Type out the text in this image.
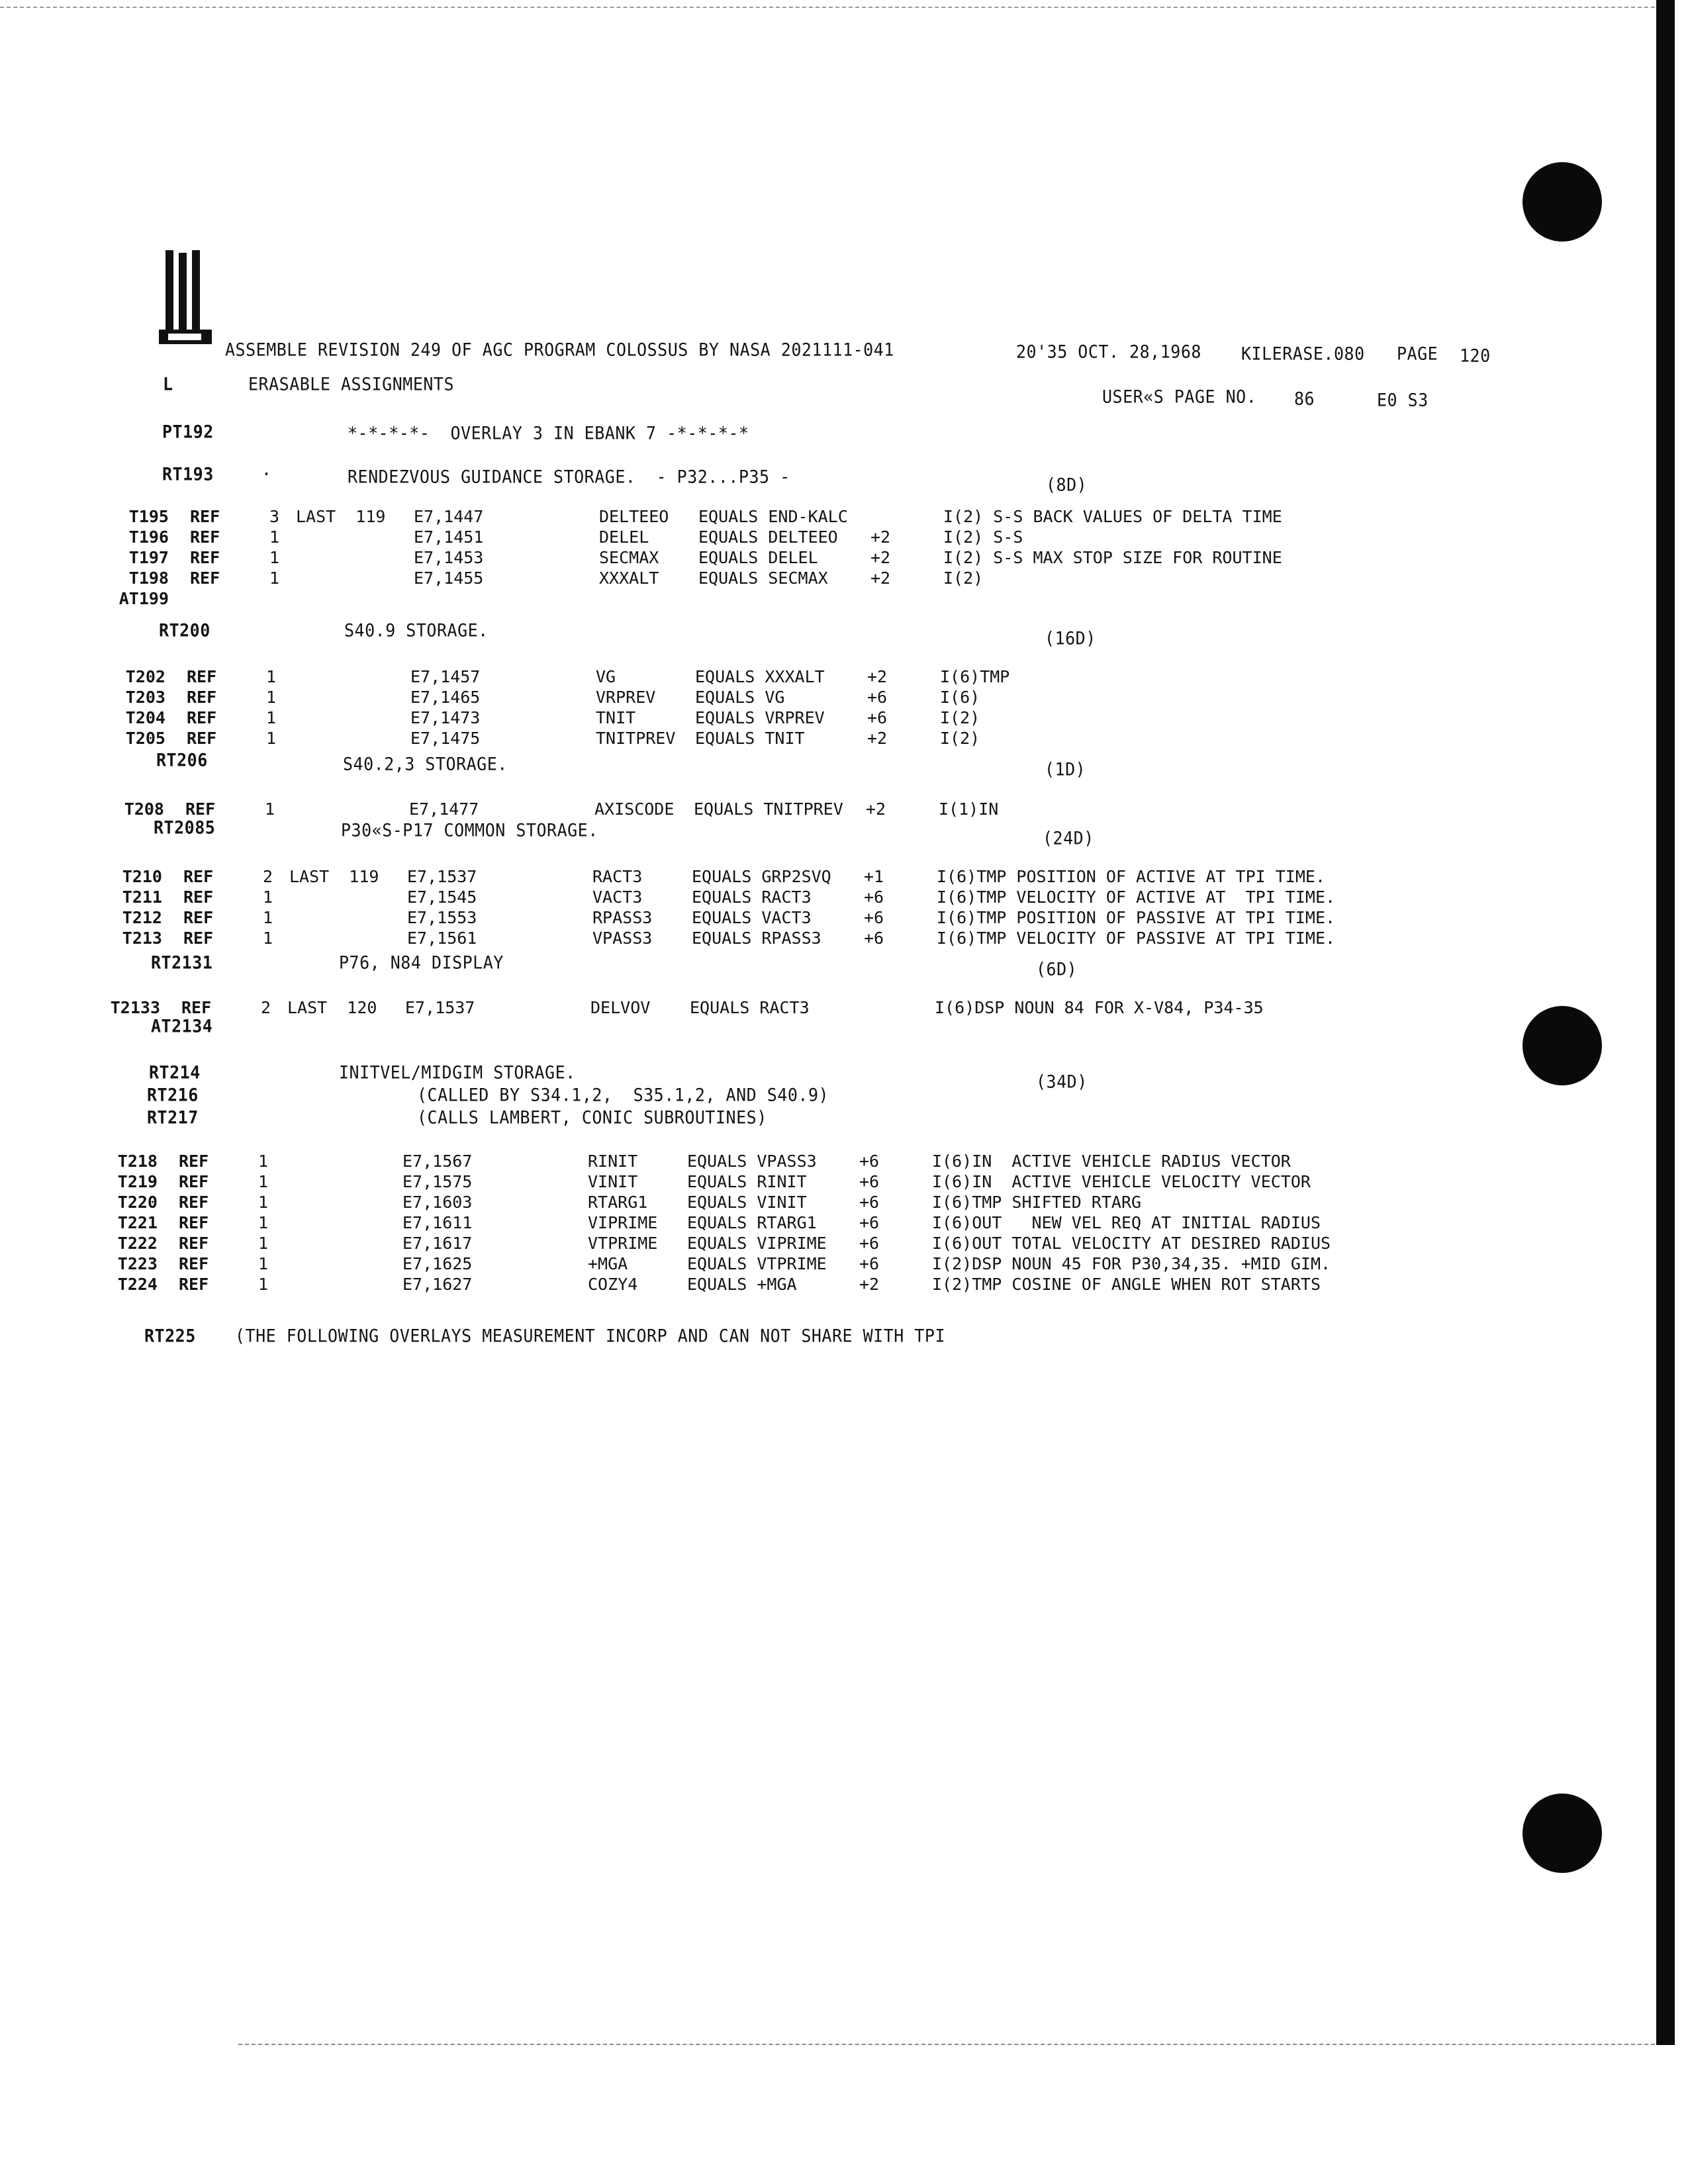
ASSEMBLE REVISION 249 OF AGC PROGRAM COLOSSUS BY NASA 2021111-041	20'35 OCT. 28,1968 KILERASE.080 PAGE 120
L	ERASABLE ASSIGNMENTS
USER«S PAGE NO. 86	E0 S3
PT192	*-*-*-*-  OVERLAY 3 IN EBANK 7 -*-*-*-*
RT193	·	RENDEZVOUS GUIDANCE STORAGE.  - P32...P35 -	(8D)
T195 REF	3 LAST  119 E7,1447	DELTEEO EQUALS END-KALC	I(2) S-S BACK VALUES OF DELTA TIME
T196 REF	1	E7,1451	DELEL	EQUALS DELTEEO +2	I(2) S-S
T197 REF	1	E7,1453	SECMAX EQUALS DELEL	+2	I(2) S-S MAX STOP SIZE FOR ROUTINE
T198 REF	1	E7,1455	XXXALT EQUALS SECMAX	+2	I(2)
AT199
RT200	S40.9 STORAGE.	(16D)
T202 REF	1	E7,1457	VG	EQUALS XXXALT	+2	I(6)TMP
T203 REF	1	E7,1465	VRPREV EQUALS VG	+6	I(6)
T204 REF	1	E7,1473	TNIT	EQUALS VRPREV	+6	I(2)
T205 REF	1	E7,1475	TNITPREV EQUALS TNIT	+2	I(2)
RT206	S40.2,3 STORAGE.	(1D)
T208 REF	1	E7,1477	AXISCODE EQUALS TNITPREV +2	I(1)IN
RT2085	P30«S-P17 COMMON STORAGE.	(24D)
T210 REF	2 LAST  119 E7,1537	RACT3	EQUALS GRP2SVQ +1	I(6)TMP POSITION OF ACTIVE AT TPI TIME.
T211 REF	1	E7,1545	VACT3	EQUALS RACT3	+6	I(6)TMP VELOCITY OF ACTIVE AT  TPI TIME.
T212 REF	1	E7,1553	RPASS3 EQUALS VACT3	+6	I(6)TMP POSITION OF PASSIVE AT TPI TIME.
T213 REF	1	E7,1561	VPASS3 EQUALS RPASS3	+6	I(6)TMP VELOCITY OF PASSIVE AT TPI TIME.
RT2131	P76, N84 DISPLAY	(6D)
T2133 REF	2 LAST  120 E7,1537	DELVOV EQUALS RACT3	I(6)DSP NOUN 84 FOR X-V84, P34-35
AT2134
RT214	INITVEL/MIDGIM STORAGE.	(34D)
RT216	(CALLED BY S34.1,2,  S35.1,2, AND S40.9)
RT217	(CALLS LAMBERT, CONIC SUBROUTINES)
T218 REF	1	E7,1567	RINIT	EQUALS VPASS3	+6	I(6)IN  ACTIVE VEHICLE RADIUS VECTOR
T219 REF	1	E7,1575	VINIT	EQUALS RINIT	+6	I(6)IN  ACTIVE VEHICLE VELOCITY VECTOR
T220 REF	1	E7,1603	RTARG1 EQUALS VINIT	+6	I(6)TMP SHIFTED RTARG
T221 REF	1	E7,1611	VIPRIME EQUALS RTARG1	+6	I(6)OUT   NEW VEL REQ AT INITIAL RADIUS
T222 REF	1	E7,1617	VTPRIME EQUALS VIPRIME +6	I(6)OUT TOTAL VELOCITY AT DESIRED RADIUS
T223 REF	1	E7,1625	+MGA	EQUALS VTPRIME +6	I(2)DSP NOUN 45 FOR P30,34,35. +MID GIM.
T224 REF	1	E7,1627	COZY4	EQUALS +MGA	+2	I(2)TMP COSINE OF ANGLE WHEN ROT STARTS
RT225 (THE FOLLOWING OVERLAYS MEASUREMENT INCORP AND CAN NOT SHARE WITH TPI
